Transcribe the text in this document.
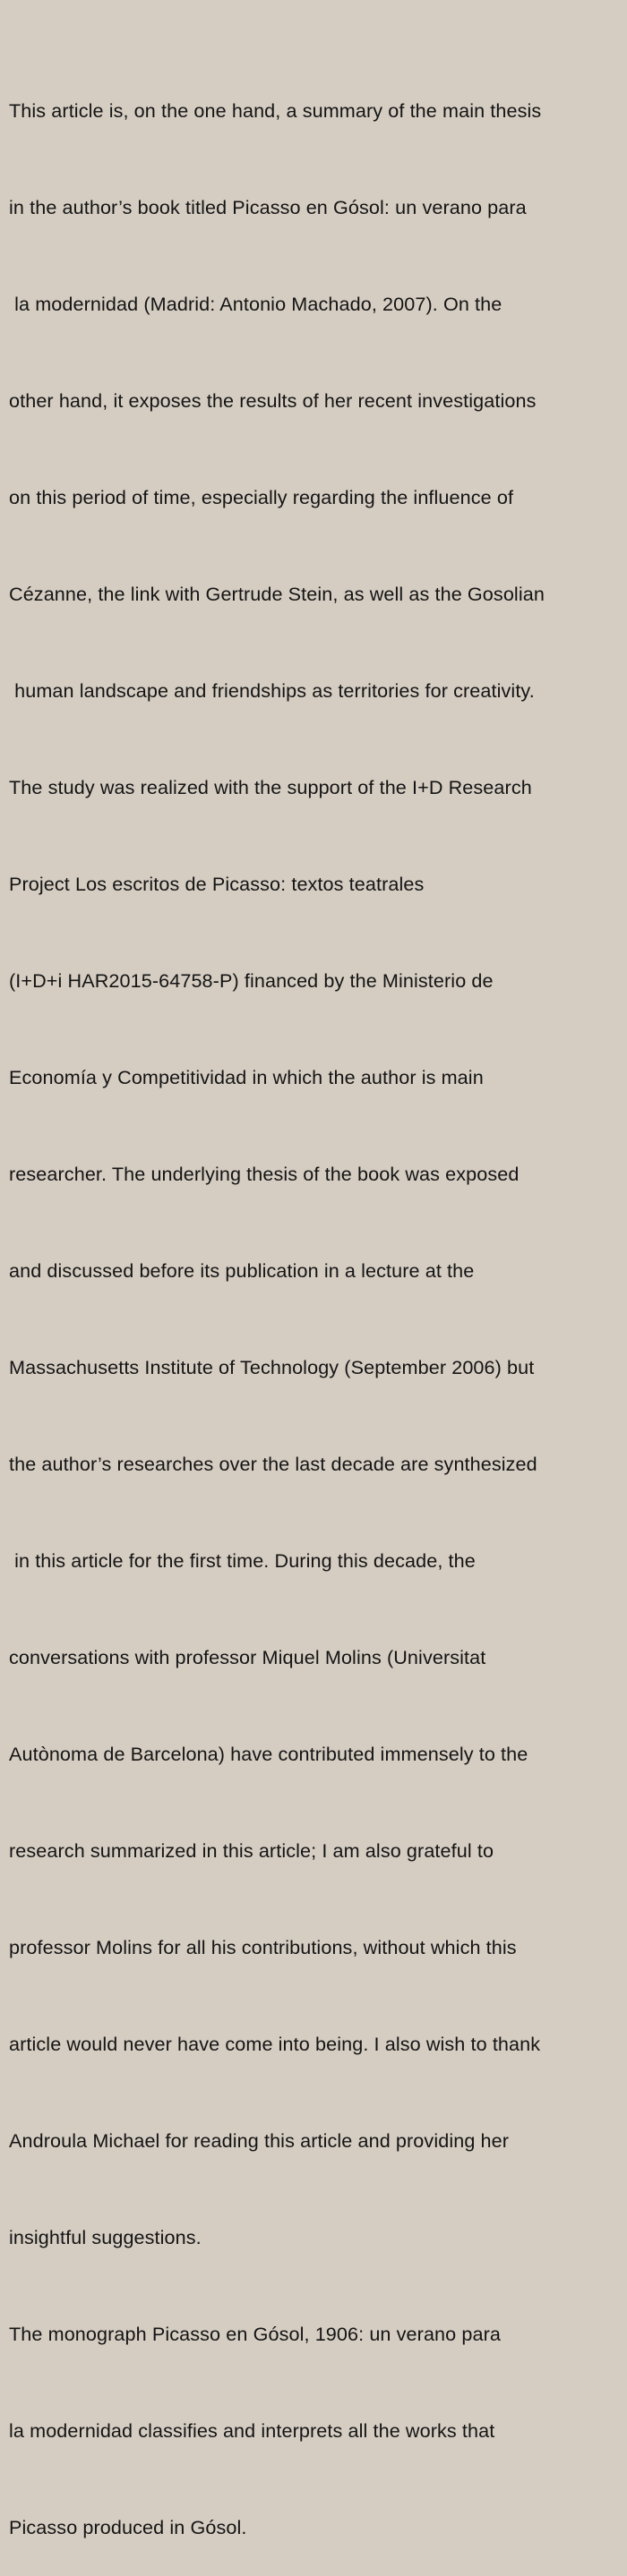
This article is, on the one hand, a summary of the main thesis

in the author’s book titled Picasso en Gósol: un verano para

la modernidad (Madrid: Antonio Machado, 2007). On the

other hand, it exposes the results of her recent investigations

on this period of time, especially regarding the influence of

Cézanne, the link with Gertrude Stein, as well as the Gosolian

human landscape and friendships as territories for creativity.

The study was realized with the support of the I+D Research

Project Los escritos de Picasso: textos teatrales

(I+D+i HAR2015-64758-P) financed by the Ministerio de

Economía y Competitividad in which the author is main

researcher. The underlying thesis of the book was exposed

and discussed before its publication in a lecture at the

Massachusetts Institute of Technology (September 2006) but

the author’s researches over the last decade are synthesized

in this article for the first time. During this decade, the

conversations with professor Miquel Molins (Universitat

Autònoma de Barcelona) have contributed immensely to the

research summarized in this article; I am also grateful to

professor Molins for all his contributions, without which this

article would never have come into being. I also wish to thank

Androula Michael for reading this article and providing her

insightful suggestions.

The monograph Picasso en Gósol, 1906: un verano para

la modernidad classifies and interprets all the works that

Picasso produced in Gósol.
